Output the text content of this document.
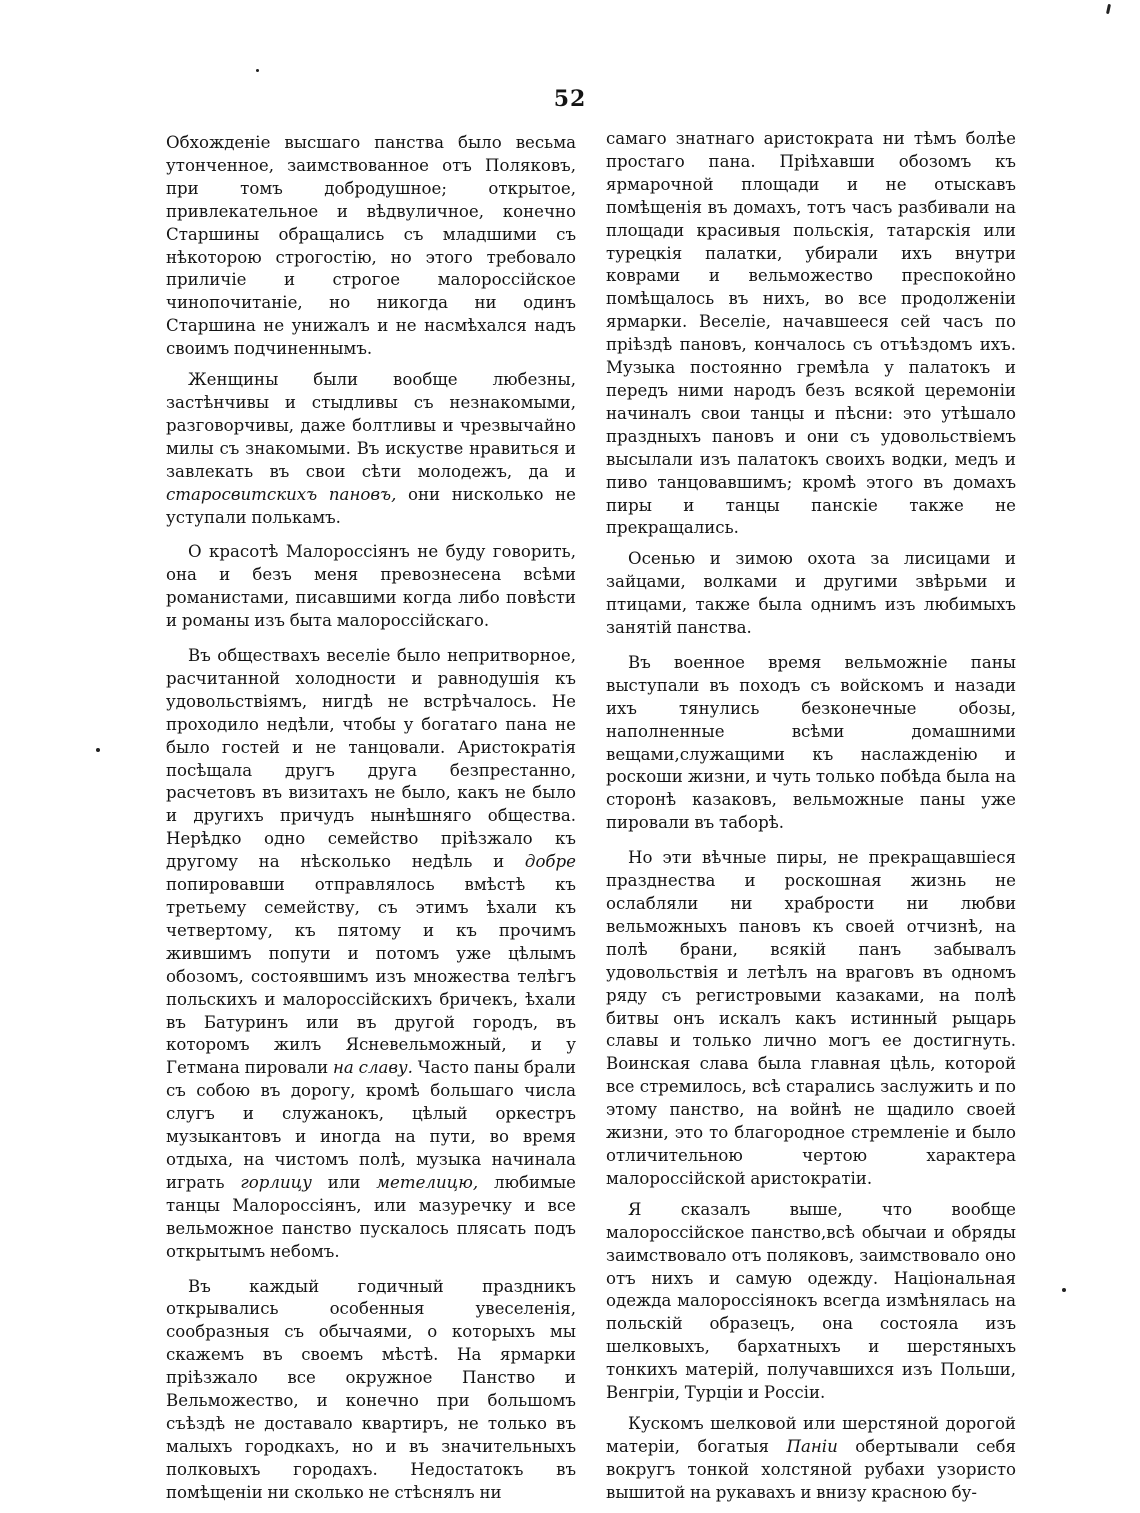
52

Обхожденіе высшаго панства было весьма утонченное, заимствованное отъ Поляковъ, при томъ добродушное; открытое, привлекательное и вѣдвуличное, конечно Старшины обращались съ младшими съ нѣкоторою строгостію, но этого требовало приличіе и строгое малороссійское чинопочитаніе, но никогда ни одинъ Старшина не унижалъ и не насмѣхался надъ своимъ подчиненнымъ.

Женщины были вообще любезны, застѣнчивы и стыдливы съ незнакомыми, разговорчивы, даже болтливы и чрезвычайно милы съ знакомыми. Въ искустве нравиться и завлекать въ свои сѣти молодежъ, да и старосвитскихъ пановъ, они нисколько не уступали полькамъ.

О красотѣ Малороссіянъ не буду говорить, она и безъ меня превознесена всѣми романистами, писавшими когда либо повѣсти и романы изъ быта малороссійскаго.

Въ обществахъ веселіе было непритворное, расчитанной холодности и равнодушія къ удовольствіямъ, нигдѣ не встрѣчалось. Не проходило недѣли, чтобы у богатаго пана не было гостей и не танцовали. Аристократія посѣщала другъ друга безпрестанно, расчетовъ въ визитахъ не было, какъ не было и другихъ причудъ нынѣшняго общества. Нерѣдко одно семейство пріѣзжало къ другому на нѣсколько недѣль и добре попировавши отправлялось вмѣстѣ къ третьему семейству, съ этимъ ѣхали къ четвертому, къ пятому и къ прочимъ жившимъ попути и потомъ уже цѣлымъ обозомъ, состоявшимъ изъ множества телѣгъ польскихъ и малороссійскихъ бричекъ, ѣхали въ Батуринъ или въ другой городъ, въ которомъ жилъ Ясневельможный, и у Гетмана пировали на славу. Часто паны брали съ собою въ дорогу, кромѣ большаго числа слугъ и служанокъ, цѣлый оркестръ музыкантовъ и иногда на пути, во время отдыха, на чистомъ полѣ, музыка начинала играть горлицу или метелицю, любимые танцы Малороссіянъ, или мазуречку и все вельможное панство пускалось плясать подъ открытымъ небомъ.

Въ каждый годичный праздникъ открывались особенныя увеселенія, сообразныя съ обычаями, о которыхъ мы скажемъ въ своемъ мѣстѣ. На ярмарки пріѣзжало все окружное Панство и Вельможество, и конечно при большомъ съѣздѣ не доставало квартиръ, не только въ малыхъ городкахъ, но и въ значительныхъ полковыхъ городахъ. Недостатокъ въ помѣщеніи ни сколько не стѣснялъ ни

самаго знатнаго аристократа ни тѣмъ болѣе простаго пана. Пріѣхавши обозомъ къ ярмарочной площади и не отыскавъ помѣщенія въ домахъ, тотъ часъ разбивали на площади красивыя польскія, татарскія или турецкія палатки, убирали ихъ внутри коврами и вельможество преспокойно помѣщалось въ нихъ, во все продолженіи ярмарки. Веселіе, начавшееся сей часъ по пріѣздѣ пановъ, кончалось съ отъѣздомъ ихъ. Музыка постоянно гремѣла у палатокъ и передъ ними народъ безъ всякой церемоніи начиналъ свои танцы и пѣсни: это утѣшало праздныхъ пановъ и они съ удовольствіемъ высылали изъ палатокъ своихъ водки, медъ и пиво танцовавшимъ; кромѣ этого въ домахъ пиры и танцы панскіе также не прекращались.

Осенью и зимою охота за лисицами и зайцами, волками и другими звѣрьми и птицами, также была однимъ изъ любимыхъ занятій панства.

Въ военное время вельможніе паны выступали въ походъ съ войскомъ и назади ихъ тянулись безконечные обозы, наполненные всѣми домашними вещами,служащими къ наслажденію и роскоши жизни, и чуть только побѣда была на сторонѣ казаковъ, вельможные паны уже пировали въ таборѣ.

Но эти вѣчные пиры, не прекращавшіеся празднества и роскошная жизнь не ослабляли ни храбрости ни любви вельможныхъ пановъ къ своей отчизнѣ, на полѣ брани, всякій панъ забывалъ удовольствія и летѣлъ на враговъ въ одномъ ряду съ регистровыми казаками, на полѣ битвы онъ искалъ какъ истинный рыцарь славы и только лично могъ ее достигнуть. Воинская слава была главная цѣль, которой все стремилось, всѣ старались заслужить и по этому панство, на войнѣ не щадило своей жизни, это то благородное стремленіе и было отличительною чертою характера малороссійской аристократіи.

Я сказалъ выше, что вообще малороссійское панство,всѣ обычаи и обряды заимствовало отъ поляковъ, заимствовало оно отъ нихъ и самую одежду. Національная одежда малороссіянокъ всегда измѣнялась на польскій образецъ, она состояла изъ шелковыхъ, бархатныхъ и шерстяныхъ тонкихъ матерій, получавшихся изъ Польши, Венгріи, Турціи и Россіи.

Кускомъ шелковой или шерстяной дорогой матеріи, богатыя Паніи обертывали себя вокругъ тонкой холстяной рубахи узористо вышитой на рукавахъ и внизу красною бу-
